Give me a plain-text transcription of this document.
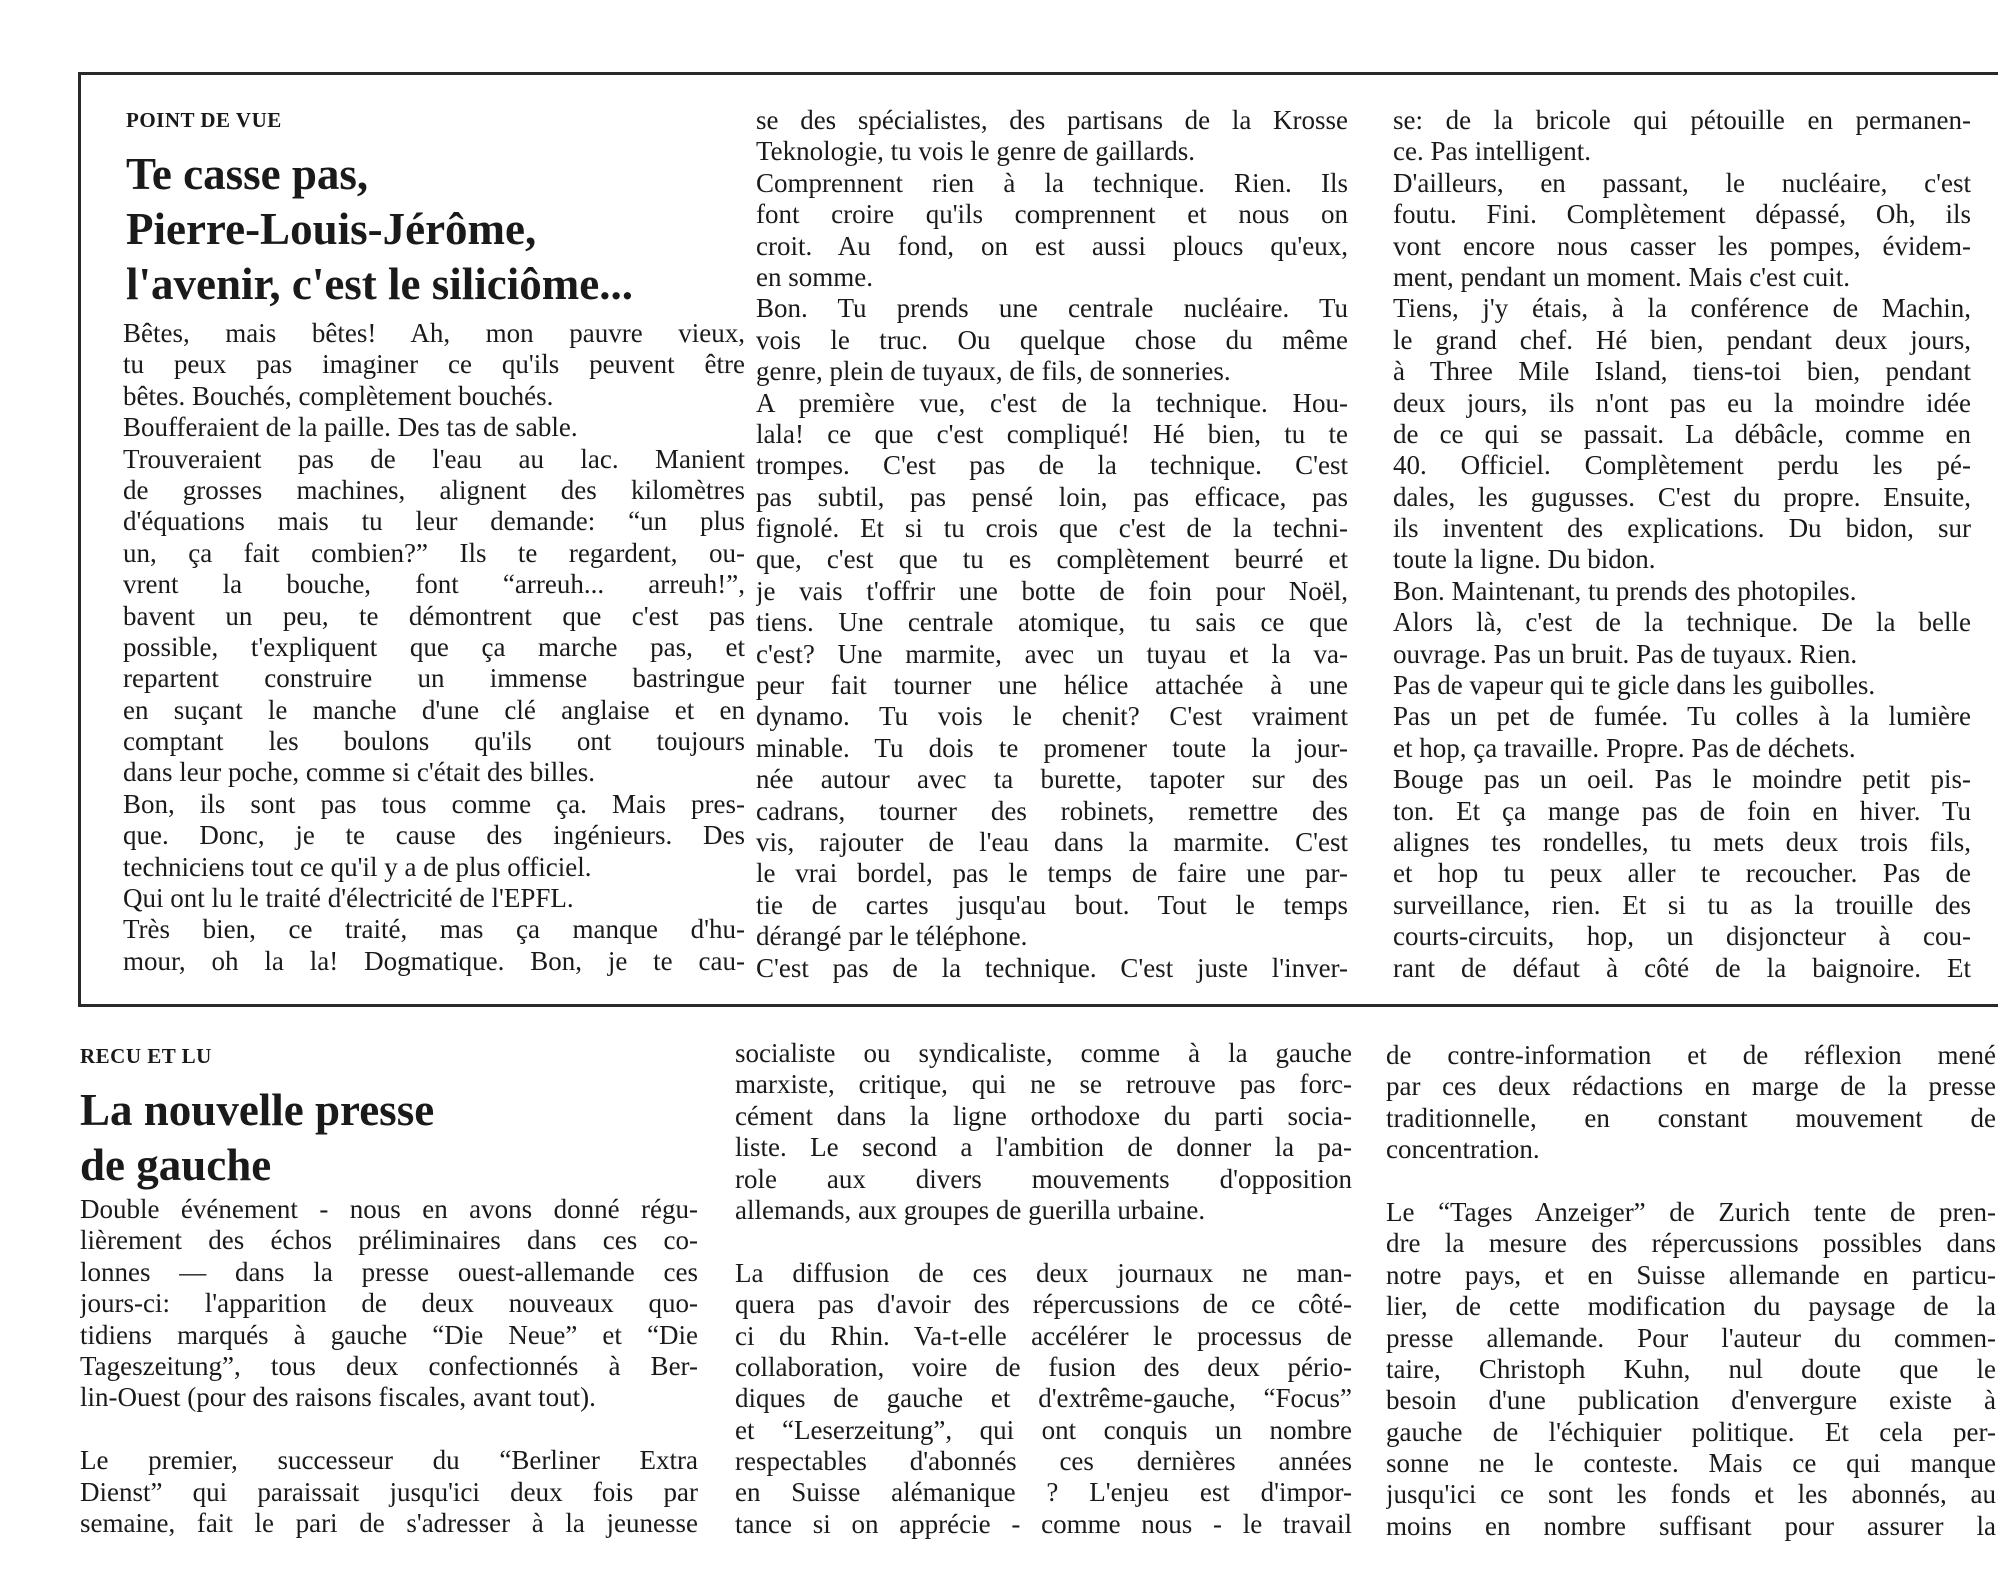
POINT DE VUE
Te casse pas,
Pierre-Louis-Jérôme,
l'avenir, c'est le siliciôme...
Bêtes, mais bêtes! Ah, mon pauvre vieux,
tu peux pas imaginer ce qu'ils peuvent être
bêtes. Bouchés, complètement bouchés.
Boufferaient de la paille. Des tas de sable.
Trouveraient pas de l'eau au lac. Manient
de grosses machines, alignent des kilomètres
d'équations mais tu leur demande: “un plus
un, ça fait combien?” Ils te regardent, ou-
vrent la bouche, font “arreuh... arreuh!”,
bavent un peu, te démontrent que c'est pas
possible, t'expliquent que ça marche pas, et
repartent construire un immense bastringue
en suçant le manche d'une clé anglaise et en
comptant les boulons qu'ils ont toujours
dans leur poche, comme si c'était des billes.
Bon, ils sont pas tous comme ça. Mais pres-
que. Donc, je te cause des ingénieurs. Des
techniciens tout ce qu'il y a de plus officiel.
Qui ont lu le traité d'électricité de l'EPFL.
Très bien, ce traité, mas ça manque d'hu-
mour, oh la la! Dogmatique. Bon, je te cau-
se des spécialistes, des partisans de la Krosse
Teknologie, tu vois le genre de gaillards.
Comprennent rien à la technique. Rien. Ils
font croire qu'ils comprennent et nous on
croit. Au fond, on est aussi ploucs qu'eux,
en somme.
Bon. Tu prends une centrale nucléaire. Tu
vois le truc. Ou quelque chose du même
genre, plein de tuyaux, de fils, de sonneries.
A première vue, c'est de la technique. Hou-
lala! ce que c'est compliqué! Hé bien, tu te
trompes. C'est pas de la technique. C'est
pas subtil, pas pensé loin, pas efficace, pas
fignolé. Et si tu crois que c'est de la techni-
que, c'est que tu es complètement beurré et
je vais t'offrir une botte de foin pour Noël,
tiens. Une centrale atomique, tu sais ce que
c'est? Une marmite, avec un tuyau et la va-
peur fait tourner une hélice attachée à une
dynamo. Tu vois le chenit? C'est vraiment
minable. Tu dois te promener toute la jour-
née autour avec ta burette, tapoter sur des
cadrans, tourner des robinets, remettre des
vis, rajouter de l'eau dans la marmite. C'est
le vrai bordel, pas le temps de faire une par-
tie de cartes jusqu'au bout. Tout le temps
dérangé par le téléphone.
C'est pas de la technique. C'est juste l'inver-
se: de la bricole qui pétouille en permanen-
ce. Pas intelligent.
D'ailleurs, en passant, le nucléaire, c'est
foutu. Fini. Complètement dépassé, Oh, ils
vont encore nous casser les pompes, évidem-
ment, pendant un moment. Mais c'est cuit.
Tiens, j'y étais, à la conférence de Machin,
le grand chef. Hé bien, pendant deux jours,
à Three Mile Island, tiens-toi bien, pendant
deux jours, ils n'ont pas eu la moindre idée
de ce qui se passait. La débâcle, comme en
40. Officiel. Complètement perdu les pé-
dales, les gugusses. C'est du propre. Ensuite,
ils inventent des explications. Du bidon, sur
toute la ligne. Du bidon.
Bon. Maintenant, tu prends des photopiles.
Alors là, c'est de la technique. De la belle
ouvrage. Pas un bruit. Pas de tuyaux. Rien.
Pas de vapeur qui te gicle dans les guibolles.
Pas un pet de fumée. Tu colles à la lumière
et hop, ça travaille. Propre. Pas de déchets.
Bouge pas un oeil. Pas le moindre petit pis-
ton. Et ça mange pas de foin en hiver. Tu
alignes tes rondelles, tu mets deux trois fils,
et hop tu peux aller te recoucher. Pas de
surveillance, rien. Et si tu as la trouille des
courts-circuits, hop, un disjoncteur à cou-
rant de défaut à côté de la baignoire. Et
RECU ET LU
La nouvelle presse
de gauche
Double événement - nous en avons donné régu-
lièrement des échos préliminaires dans ces co-
lonnes — dans la presse ouest-allemande ces
jours-ci: l'apparition de deux nouveaux quo-
tidiens marqués à gauche “Die Neue” et “Die
Tageszeitung”, tous deux confectionnés à Ber-
lin-Ouest (pour des raisons fiscales, avant tout).
Le premier, successeur du “Berliner Extra
Dienst” qui paraissait jusqu'ici deux fois par
semaine, fait le pari de s'adresser à la jeunesse
socialiste ou syndicaliste, comme à la gauche
marxiste, critique, qui ne se retrouve pas forc-
cément dans la ligne orthodoxe du parti socia-
liste. Le second a l'ambition de donner la pa-
role aux divers mouvements d'opposition
allemands, aux groupes de guerilla urbaine.
La diffusion de ces deux journaux ne man-
quera pas d'avoir des répercussions de ce côté-
ci du Rhin. Va-t-elle accélérer le processus de
collaboration, voire de fusion des deux pério-
diques de gauche et d'extrême-gauche, “Focus”
et “Leserzeitung”, qui ont conquis un nombre
respectables d'abonnés ces dernières années
en Suisse alémanique ? L'enjeu est d'impor-
tance si on apprécie - comme nous - le travail
de contre-information et de réflexion mené
par ces deux rédactions en marge de la presse
traditionnelle, en constant mouvement de
concentration.
Le “Tages Anzeiger” de Zurich tente de pren-
dre la mesure des répercussions possibles dans
notre pays, et en Suisse allemande en particu-
lier, de cette modification du paysage de la
presse allemande. Pour l'auteur du commen-
taire, Christoph Kuhn, nul doute que le
besoin d'une publication d'envergure existe à
gauche de l'échiquier politique. Et cela per-
sonne ne le conteste. Mais ce qui manque
jusqu'ici ce sont les fonds et les abonnés, au
moins en nombre suffisant pour assurer la
